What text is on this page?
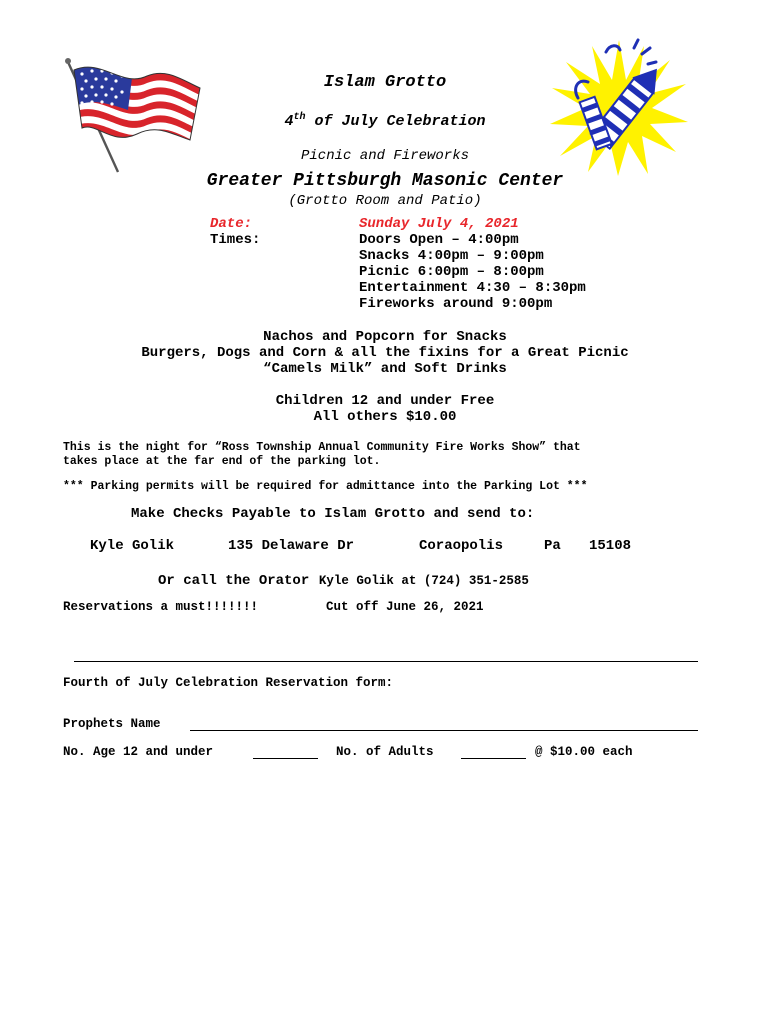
Islam Grotto
4th of July Celebration
Picnic and Fireworks
Greater Pittsburgh Masonic Center
(Grotto Room and Patio)
Date:	Sunday July 4, 2021
Times:	Doors Open – 4:00pm
Snacks 4:00pm – 9:00pm
Picnic 6:00pm – 8:00pm
Entertainment 4:30 – 8:30pm
Fireworks around 9:00pm
Nachos and Popcorn for Snacks
Burgers, Dogs and Corn & all the fixins for a Great Picnic
“Camels Milk” and Soft Drinks
Children 12 and under Free
All others $10.00
This is the night for “Ross Township Annual Community Fire Works Show” that
takes place at the far end of the parking lot.
*** Parking permits will be required for admittance into the Parking Lot ***
Make Checks Payable to Islam Grotto and send to:
Kyle Golik	135 Delaware Dr	Coraopolis	Pa 15108
Or call the Orator Kyle Golik at (724) 351-2585
Reservations a must!!!!!!!	Cut off June 26, 2021
Fourth of July Celebration Reservation form:
Prophets Name
No. Age 12 and under	No. of Adults	@ $10.00 each
